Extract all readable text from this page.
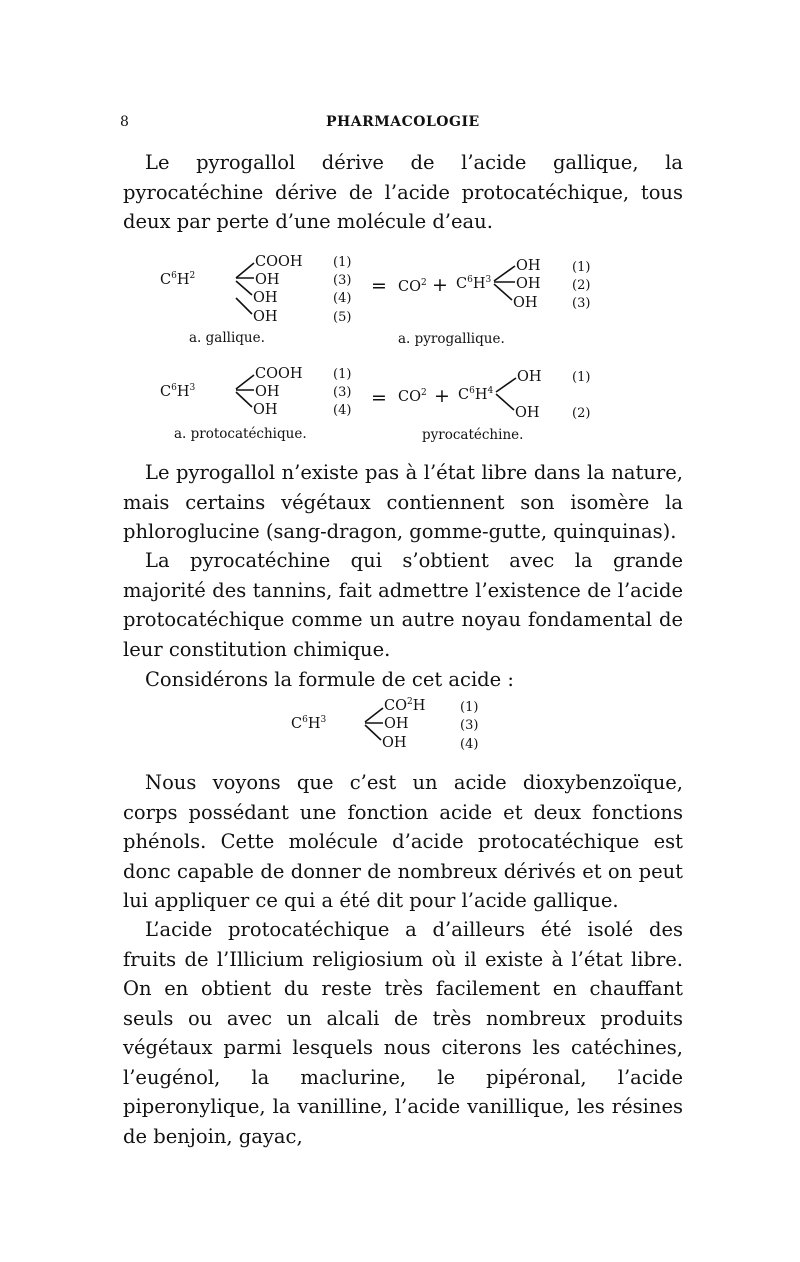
8	PHARMACOLOGIE

Le pyrogallol dérive de l’acide gallique, la pyrocatéchine dérive de l’acide protocatéchique, tous deux par perte d’une molécule d’eau.

$C^6H^2$
COOH
OH
OH
OH
(1)
(3)
(4)
(5)
= $CO^2 + C^6H^3$
OH
OH
OH
(1)
(2)
(3)
a. gallique.	a. pyrogallique.
$C^6H^3$
COOH
OH
OH
(1)
(3)
(4)
= $CO^2 + C^6H^4$
OH
OH
(1)
(2)
a. protocatéchique.	pyrocatéchine.

Le pyrogallol n’existe pas à l’état libre dans la nature, mais certains végétaux contiennent son isomère la phloroglucine (sang-dragon, gomme-gutte, quinquinas).

La pyrocatéchine qui s’obtient avec la grande majorité des tannins, fait admettre l’existence de l’acide protocatéchique comme un autre noyau fondamental de leur constitution chimique.

Considérons la formule de cet acide :

$C^6H^3$
$CO^2H$
OH
OH
(1)
(3)
(4)

Nous voyons que c’est un acide dioxybenzoïque, corps possédant une fonction acide et deux fonctions phénols. Cette molécule d’acide protocatéchique est donc capable de donner de nombreux dérivés et on peut lui appliquer ce qui a été dit pour l’acide gallique.

L’acide protocatéchique a d’ailleurs été isolé des fruits de l’Illicium religiosium où il existe à l’état libre. On en obtient du reste très facilement en chauffant seuls ou avec un alcali de très nombreux produits végétaux parmi lesquels nous citerons les catéchines, l’eugénol, la maclurine, le pipéronal, l’acide piperonylique, la vanilline, l’acide vanillique, les résines de benjoin, gayac,
